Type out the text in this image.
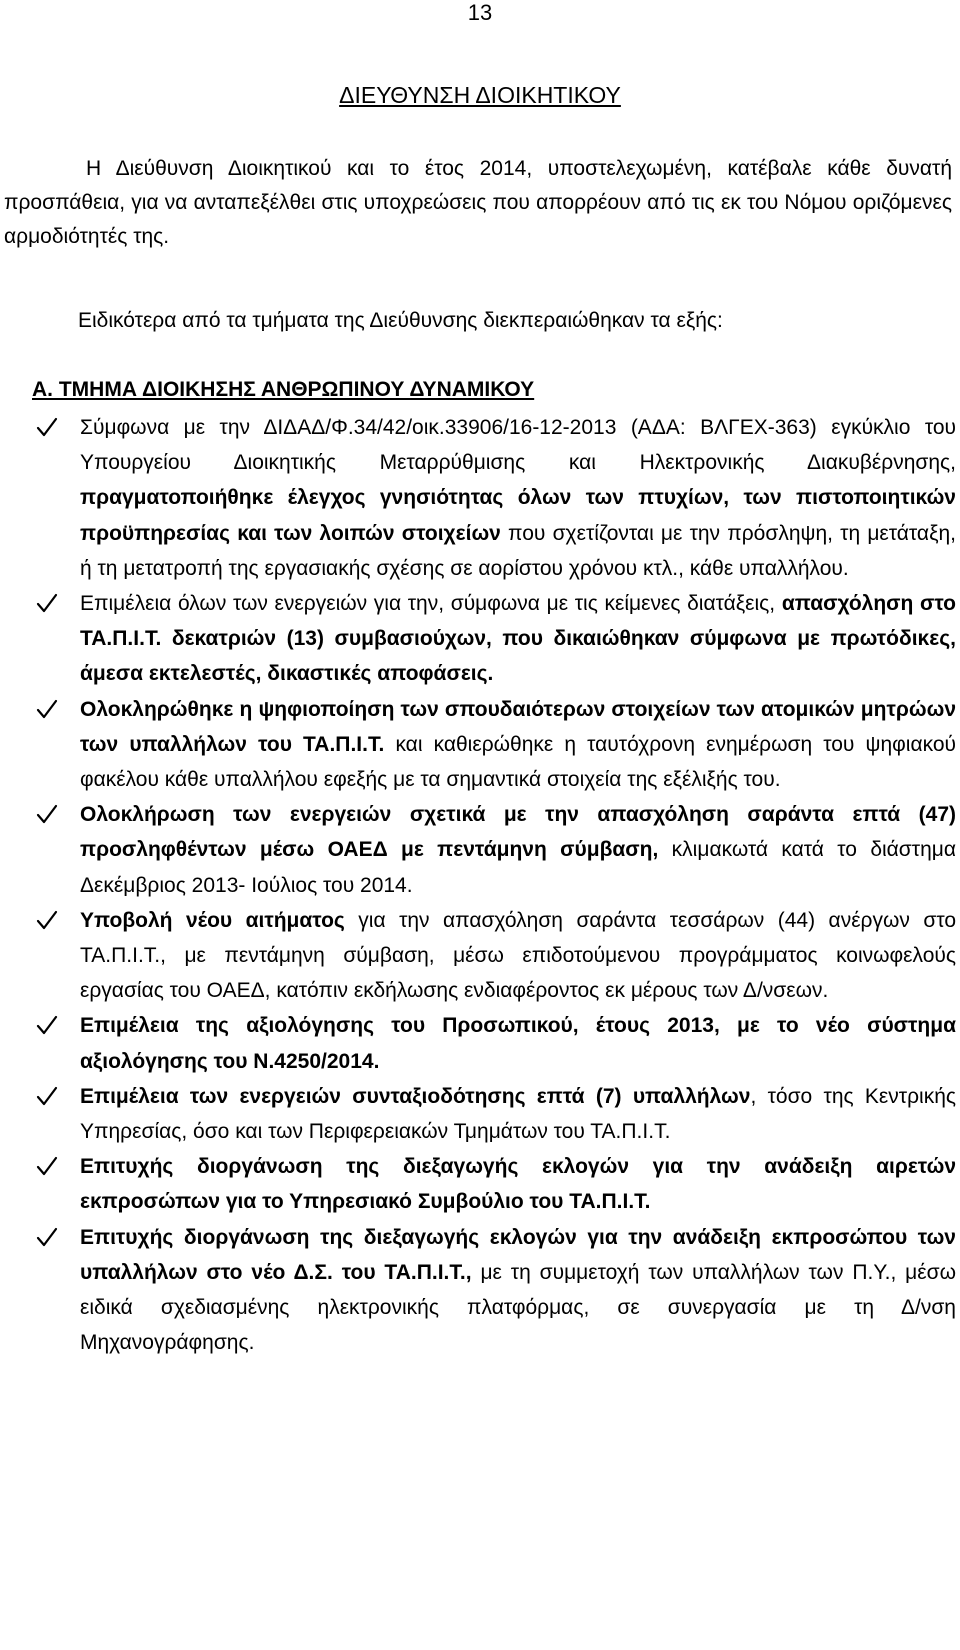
13
ΔΙΕΥΘΥΝΣΗ ΔΙΟΙΚΗΤΙΚΟΥ

Η Διεύθυνση Διοικητικού και το έτος 2014, υποστελεχωμένη, κατέβαλε κάθε δυνατή προσπάθεια, για να ανταπεξέλθει στις υποχρεώσεις που απορρέουν από τις εκ του Νόμου οριζόμενες αρμοδιότητές της.

Ειδικότερα από τα τμήματα της Διεύθυνσης διεκπεραιώθηκαν τα εξής:
Α. ΤΜΗΜΑ ΔΙΟΙΚΗΣΗΣ ΑΝΘΡΩΠΙΝΟΥ ΔΥΝΑΜΙΚΟΥ
Σύμφωνα με την ΔΙΔΑΔ/Φ.34/42/οικ.33906/16-12-2013 (ΑΔΑ: ΒΛΓΕΧ-363) εγκύκλιο του Υπουργείου Διοικητικής Μεταρρύθμισης και Ηλεκτρονικής Διακυβέρνησης, πραγματοποιήθηκε έλεγχος γνησιότητας όλων των πτυχίων, των πιστοποιητικών προϋπηρεσίας και των λοιπών στοιχείων που σχετίζονται με την πρόσληψη, τη μετάταξη, ή τη μετατροπή της εργασιακής σχέσης σε αορίστου χρόνου κτλ., κάθε υπαλλήλου.
Επιμέλεια όλων των ενεργειών για την, σύμφωνα με τις κείμενες διατάξεις, απασχόληση στο ΤΑ.Π.Ι.Τ. δεκατριών (13) συμβασιούχων, που δικαιώθηκαν σύμφωνα με πρωτόδικες, άμεσα εκτελεστές, δικαστικές αποφάσεις.
Ολοκληρώθηκε η ψηφιοποίηση των σπουδαιότερων στοιχείων των ατομικών μητρώων των υπαλλήλων του ΤΑ.Π.Ι.Τ. και καθιερώθηκε η ταυτόχρονη ενημέρωση του ψηφιακού φακέλου κάθε υπαλλήλου εφεξής με τα σημαντικά στοιχεία της εξέλιξής του.
Ολοκλήρωση των ενεργειών σχετικά με την απασχόληση σαράντα επτά (47) προσληφθέντων μέσω ΟΑΕΔ με πεντάμηνη σύμβαση, κλιμακωτά κατά το διάστημα Δεκέμβριος 2013- Ιούλιος του 2014.
Υποβολή νέου αιτήματος για την απασχόληση σαράντα τεσσάρων (44) ανέργων στο ΤΑ.Π.Ι.Τ., με πεντάμηνη σύμβαση, μέσω επιδοτούμενου προγράμματος κοινωφελούς εργασίας του ΟΑΕΔ, κατόπιν εκδήλωσης ενδιαφέροντος εκ μέρους των Δ/νσεων.
Επιμέλεια της αξιολόγησης του Προσωπικού, έτους 2013, με το νέο σύστημα αξιολόγησης του Ν.4250/2014.
Επιμέλεια των ενεργειών συνταξιοδότησης επτά (7) υπαλλήλων, τόσο της Κεντρικής Υπηρεσίας, όσο και των Περιφερειακών Τμημάτων του ΤΑ.Π.Ι.Τ.
Επιτυχής διοργάνωση της διεξαγωγής εκλογών για την ανάδειξη αιρετών εκπροσώπων για το Υπηρεσιακό Συμβούλιο του ΤΑ.Π.Ι.Τ.
Επιτυχής διοργάνωση της διεξαγωγής εκλογών για την ανάδειξη εκπροσώπου των υπαλλήλων στο νέο Δ.Σ. του ΤΑ.Π.Ι.Τ., με τη συμμετοχή των υπαλλήλων των Π.Υ., μέσω ειδικά σχεδιασμένης ηλεκτρονικής πλατφόρμας, σε συνεργασία με τη Δ/νση Μηχανογράφησης.
